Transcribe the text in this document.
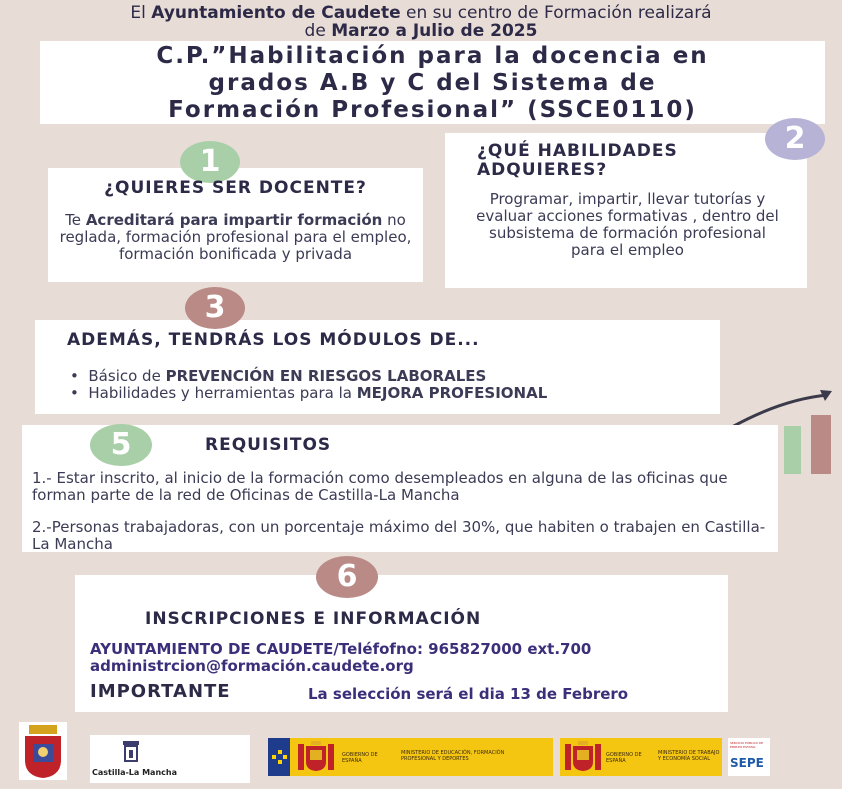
El Ayuntamiento de Caudete en su centro de Formación realizará
de Marzo a Julio de 2025
C.P.”Habilitación para la docencia en
grados A.B y C del Sistema de
Formación Profesional” (SSCE0110)
1
¿QUIERES SER DOCENTE?
Te Acreditará para impartir formación no reglada, formación profesional para el empleo, formación bonificada y privada
2
¿QUÉ HABILIDADES
ADQUIERES?
Programar, impartir, llevar tutorías y evaluar acciones formativas , dentro del subsistema de formación profesional para el empleo
3
ADEMÁS, TENDRÁS LOS MÓDULOS DE...
•  Básico de PREVENCIÓN EN RIESGOS LABORALES
•  Habilidades y herramientas para la MEJORA PROFESIONAL
5	REQUISITOS
1.- Estar inscrito, al inicio de la formación como desempleados en alguna de las oficinas que forman parte de la red de Oficinas de Castilla-La Mancha
2.-Personas trabajadoras, con un porcentaje máximo del 30%, que habiten o trabajen en Castilla-La Mancha
6
INSCRIPCIONES E INFORMACIÓN
AYUNTAMIENTO DE CAUDETE/Teléfofno: 965827000 ext.700
administrcion@formación.caudete.org
IMPORTANTE	La selección será el dia 13 de Febrero
Castilla-La Mancha
GOBIERNO DE ESPAÑA
MINISTERIO DE EDUCACIÓN, FORMACIÓN PROFESIONAL Y DEPORTES
GOBIERNO DE ESPAÑA
MINISTERIO DE TRABAJO Y ECONOMÍA SOCIAL
SERVICIO PÚBLICO DE EMPLEO ESTATAL
SEPE
